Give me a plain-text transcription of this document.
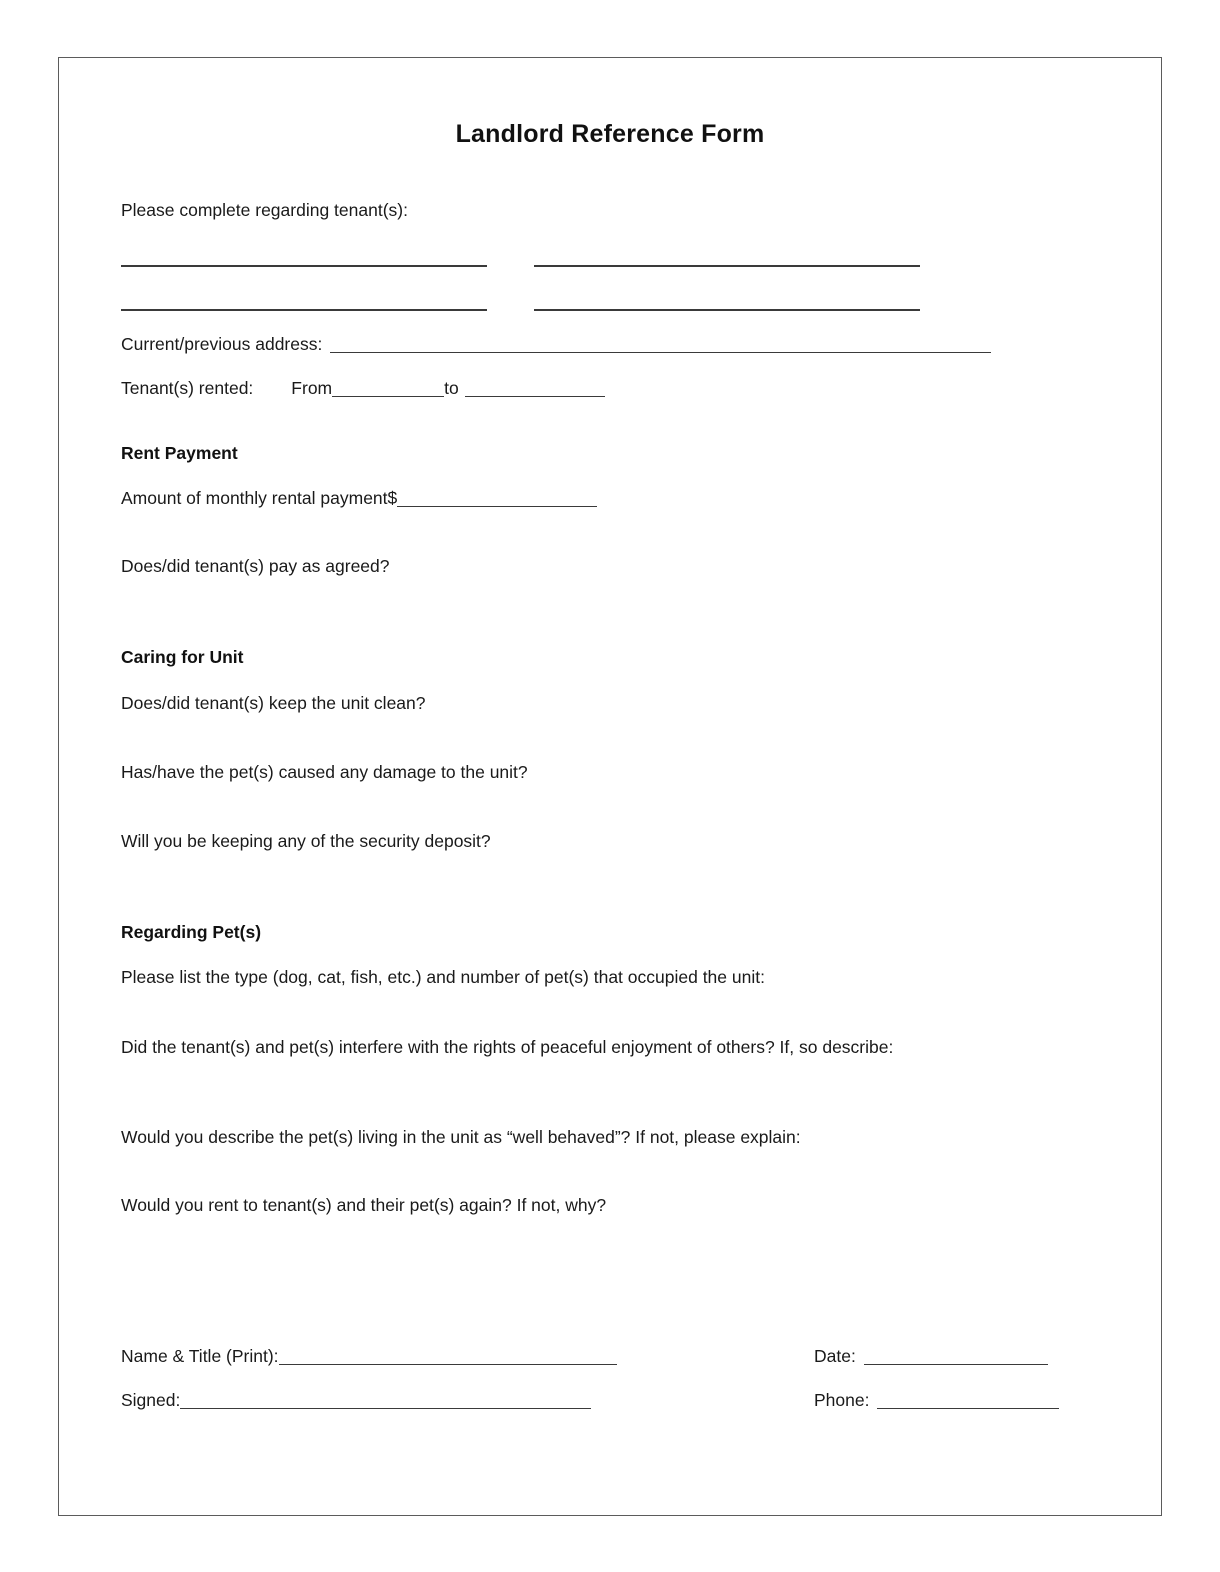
Landlord Reference Form
Please complete regarding tenant(s):
Current/previous address:
Tenant(s) rented: From	to
Rent Payment
Amount of monthly rental payment$
Does/did tenant(s) pay as agreed?
Caring for Unit
Does/did tenant(s) keep the unit clean?
Has/have the pet(s) caused any damage to the unit?
Will you be keeping any of the security deposit?
Regarding Pet(s)
Please list the type (dog, cat, fish, etc.) and number of pet(s) that occupied the unit:
Did the tenant(s) and pet(s) interfere with the rights of peaceful enjoyment of others? If, so describe:
Would you describe the pet(s) living in the unit as “well behaved”? If not, please explain:
Would you rent to tenant(s) and their pet(s) again? If not, why?
Name & Title (Print):	Date:
Signed:	Phone:
